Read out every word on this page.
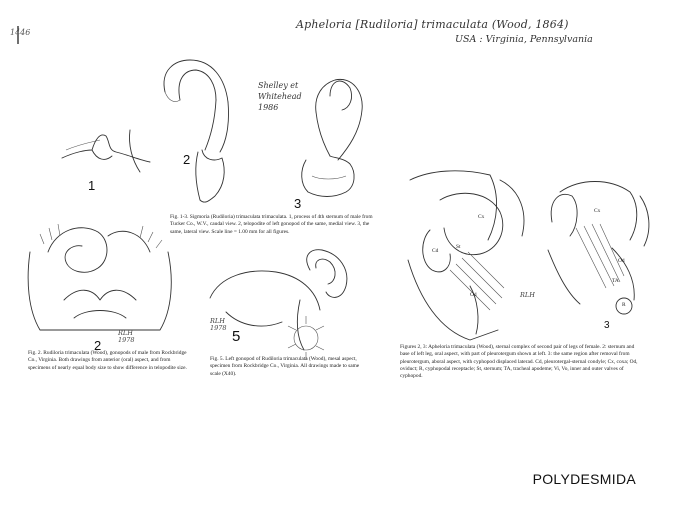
Apheloria [Rudiloria] trimaculata (Wood, 1864)
USA : Virginia, Pennsylvania
1446
Shelley et Whitehead 1986
1
2
3
2
5
3
RLH 1978
RLH 1978
RLH
Cx
St
Cd
Od
Cx
Od
R
TA
Fig. 1-3. Sigmoria (Rudiloria) trimaculata trimaculata. 1, process of 4th sternum of male from Tucker Co., W.V., caudal view. 2, telopodite of left gonopod of the same, medial view. 3, the same, lateral view. Scale line = 1.00 mm for all figures.
Fig. 2. Rudiloria trimaculata (Wood), gonopods of male from Rockbridge Co., Virginia. Both drawings from anterior (oral) aspect, and from specimens of nearly equal body size to show difference in telopodite size.
Fig. 5. Left gonopod of Rudiloria trimaculata (Wood), mesal aspect, specimen from Rockbridge Co., Virginia. All drawings made to same scale (X40).
Figures 2, 3: Apheloria trimaculata (Wood), sternal complex of second pair of legs of female. 2: sternum and base of left leg, oral aspect, with part of pleurotergum shown at left. 3: the same region after removal from pleurotergum, aboral aspect, with cyphopod displaced laterad. Cd, pleurotergal-sternal condyle; Cx, coxa; Od, oviduct; R, cyphopodal receptacle; St, sternum; TA, tracheal apodeme; Vi, Vo, inner and outer valves of cyphopod.
POLYDESMIDA
